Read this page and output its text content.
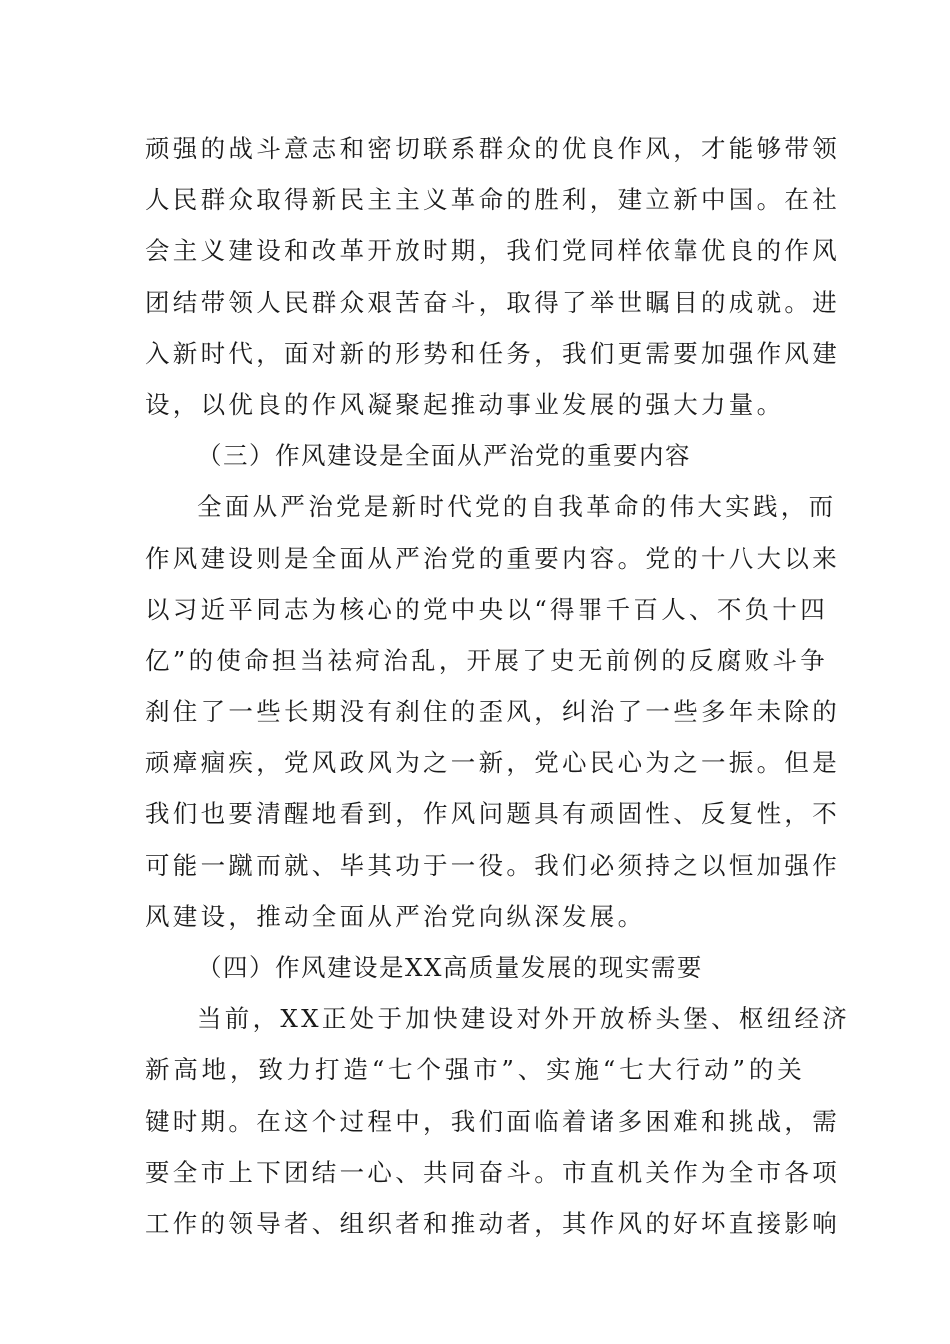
顽强的战斗意志和密切联系群众的优良作风，才能够带领
人民群众取得新民主主义革命的胜利，建立新中国。在社
会主义建设和改革开放时期，我们党同样依靠优良的作风
团结带领人民群众艰苦奋斗，取得了举世瞩目的成就。进
入新时代，面对新的形势和任务，我们更需要加强作风建
设，以优良的作风凝聚起推动事业发展的强大力量。
（三）作风建设是全面从严治党的重要内容
全面从严治党是新时代党的自我革命的伟大实践，而
作风建设则是全面从严治党的重要内容。党的十八大以来
以习近平同志为核心的党中央以“得罪千百人、不负十四
亿”的使命担当祛疴治乱，开展了史无前例的反腐败斗争
刹住了一些长期没有刹住的歪风，纠治了一些多年未除的
顽瘴痼疾，党风政风为之一新，党心民心为之一振。但是
我们也要清醒地看到，作风问题具有顽固性、反复性，不
可能一蹴而就、毕其功于一役。我们必须持之以恒加强作
风建设，推动全面从严治党向纵深发展。
（四）作风建设是XX高质量发展的现实需要
当前，XX正处于加快建设对外开放桥头堡、枢纽经济
新高地，致力打造“七个强市”、实施“七大行动”的关
键时期。在这个过程中，我们面临着诸多困难和挑战，需
要全市上下团结一心、共同奋斗。市直机关作为全市各项
工作的领导者、组织者和推动者，其作风的好坏直接影响
